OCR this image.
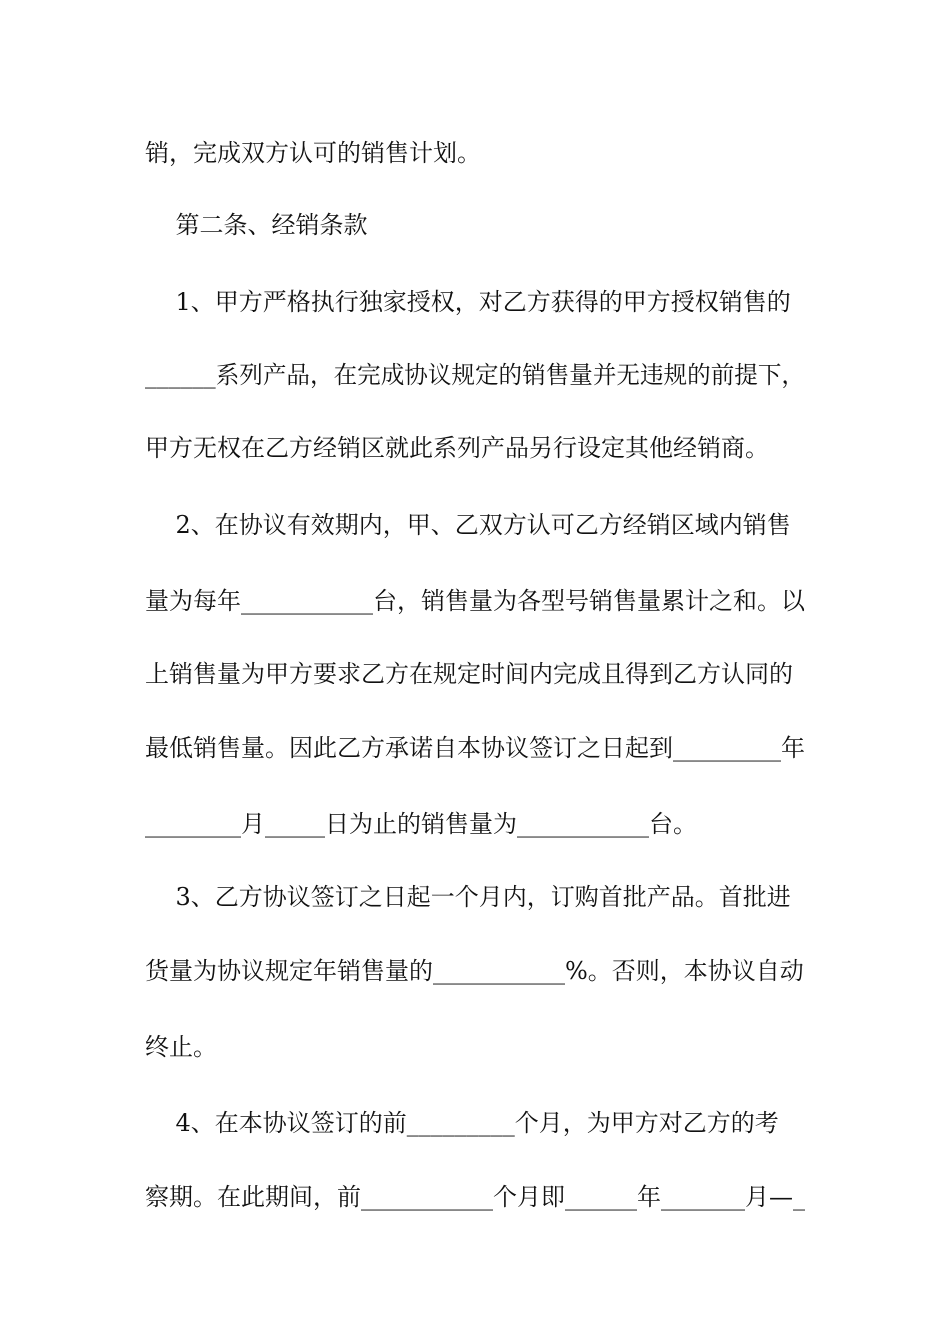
销，完成双方认可的销售计划。
第二条、经销条款
1、甲方严格执行独家授权，对乙方获得的甲方授权销售的
______系列产品，在完成协议规定的销售量并无违规的前提下，
甲方无权在乙方经销区就此系列产品另行设定其他经销商。
2、在协议有效期内，甲、乙双方认可乙方经销区域内销售
量为每年___________台，销售量为各型号销售量累计之和。以
上销售量为甲方要求乙方在规定时间内完成且得到乙方认同的
最低销售量。因此乙方承诺自本协议签订之日起到_________年
________月_____日为止的销售量为___________台。
3、乙方协议签订之日起一个月内，订购首批产品。首批进
货量为协议规定年销售量的___________%。否则，本协议自动
终止。
4、在本协议签订的前_________个月，为甲方对乙方的考
察期。在此期间，前___________个月即______年_______月—_
